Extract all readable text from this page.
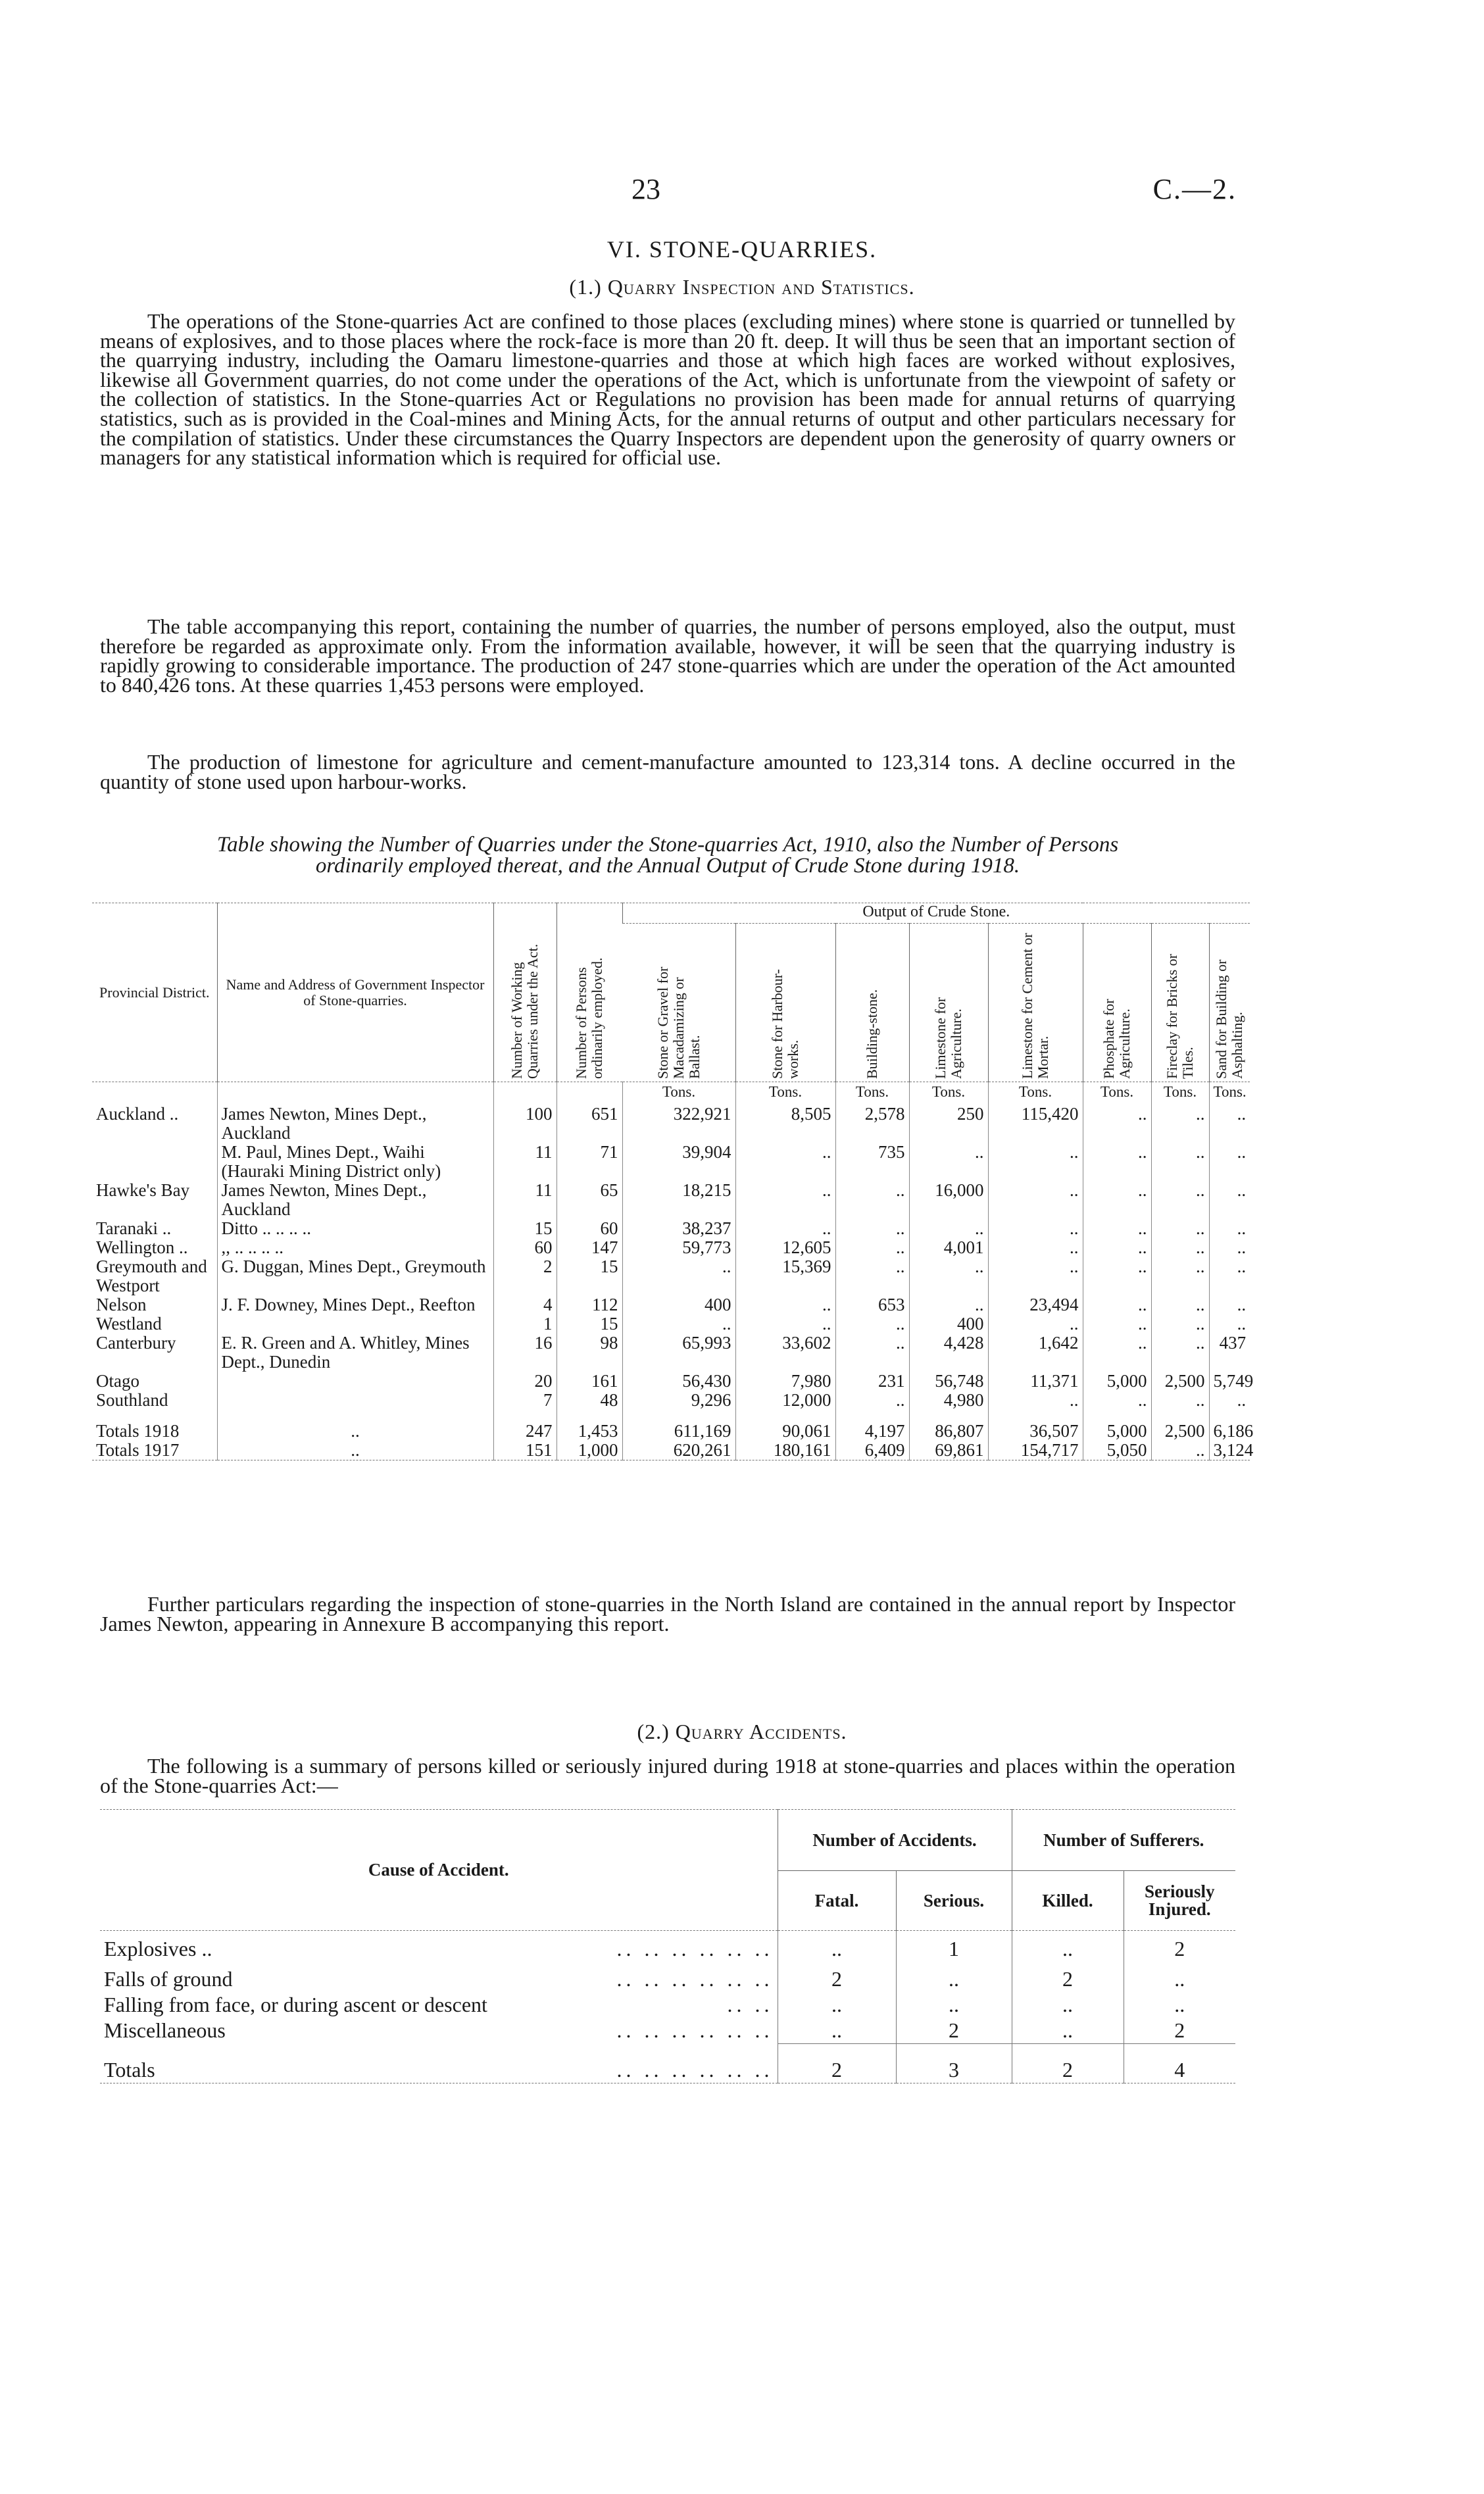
23	C.—2.
VI. STONE-QUARRIES.
(1.) Quarry Inspection and Statistics.

The operations of the Stone-quarries Act are confined to those places (excluding mines) where stone is quarried or tunnelled by means of explosives, and to those places where the rock-face is more than 20 ft. deep. It will thus be seen that an important section of the quarrying industry, including the Oamaru limestone-quarries and those at which high faces are worked without explosives, likewise all Government quarries, do not come under the operations of the Act, which is unfortunate from the viewpoint of safety or the collection of statistics. In the Stone-quarries Act or Regulations no provision has been made for annual returns of quarrying statistics, such as is provided in the Coal-mines and Mining Acts, for the annual returns of output and other particulars necessary for the compilation of statistics. Under these circumstances the Quarry Inspectors are dependent upon the generosity of quarry owners or managers for any statistical information which is required for official use.

The table accompanying this report, containing the number of quarries, the number of persons employed, also the output, must therefore be regarded as approximate only. From the information available, however, it will be seen that the quarrying industry is rapidly growing to considerable importance. The production of 247 stone-quarries which are under the operation of the Act amounted to 840,426 tons. At these quarries 1,453 persons were employed.

The production of limestone for agriculture and cement-manufacture amounted to 123,314 tons. A decline occurred in the quantity of stone used upon harbour-works.

Table showing the Number of Quarries under the Stone-quarries Act, 1910, also the Number of Persons
ordinarily employed thereat, and the Annual Output of Crude Stone during 1918.
Provincial District.	Name and Address of Government Inspector of Stone-quarries.	Number of Working Quarries under the Act.	Number of Persons ordinarily employed.	Output of Crude Stone.							

				Stone or Gravel for Macadamizing or Ballast.	Stone for Harbour-works.	Building-stone.	Limestone for Agriculture.	Limestone for Cement or Mortar.	Phosphate for Agriculture.	Fireclay for Bricks or Tiles.	Sand for Building or Asphalting.

				Tons.	Tons.	Tons.	Tons.	Tons.	Tons.	Tons.	Tons.
Auckland ..	James Newton, Mines Dept., Auckland	100	651	322,921	8,505	2,578	250	115,420	..	..	..
	M. Paul, Mines Dept., Waihi (Hauraki Mining District only)	11	71	39,904	..	735	..	..	..	..	..
Hawke's Bay	James Newton, Mines Dept., Auckland	11	65	18,215	..	..	16,000	..	..	..	..
Taranaki ..	Ditto .. .. .. ..	15	60	38,237	..	..	..	..	..	..	..
Wellington ..	,, .. .. .. ..	60	147	59,773	12,605	..	4,001	..	..	..	..
Greymouth and Westport	G. Duggan, Mines Dept., Greymouth	2	15	..	15,369	..	..	..	..	..	..
Nelson	J. F. Downey, Mines Dept., Reefton	4	112	400	..	653	..	23,494	..	..	..
Westland		1	15	..	..	..	400	..	..	..	..
Canterbury	E. R. Green and A. Whitley, Mines Dept., Dunedin	16	98	65,993	33,602	..	4,428	1,642	..	..	437
Otago		20	161	56,430	7,980	231	56,748	11,371	5,000	2,500	5,749
Southland		7	48	9,296	12,000	..	4,980	..	..	..	..

Totals 1918	..	247	1,453	611,169	90,061	4,197	86,807	36,507	5,000	2,500	6,186
Totals 1917	..	151	1,000	620,261	180,161	6,409	69,861	154,717	5,050	..	3,124

Further particulars regarding the inspection of stone-quarries in the North Island are contained in the annual report by Inspector James Newton, appearing in Annexure B accompanying this report.

(2.) Quarry Accidents.

The following is a summary of persons killed or seriously injured during 1918 at stone-quarries and places within the operation of the Stone-quarries Act:—

Cause of Accident.	Number of Accidents.		Number of Sufferers.	
	Fatal.	Serious.	Killed.	Seriously Injured.
Explosives .. .. .. .. .. .. ..	..	1	..	2
Falls of ground .. .. .. .. .. ..	2	..	2	..
Falling from face, or during ascent or descent .. ..	..	..	..	..
Miscellaneous .. .. .. .. .. ..	..	2	..	2
Totals .. .. .. .. .. ..	2	3	2	4
